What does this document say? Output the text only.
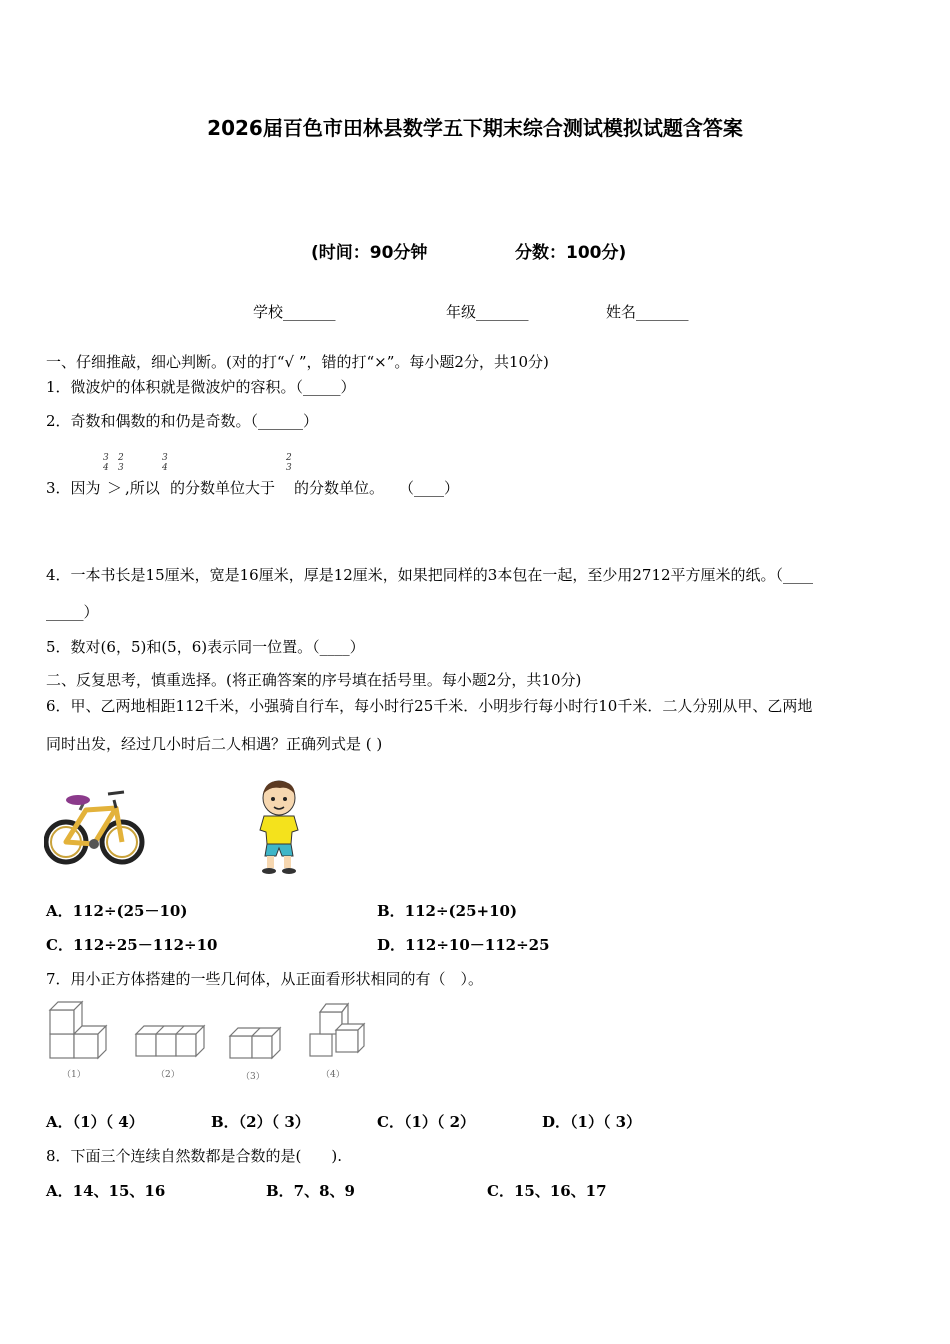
2026届百色市田林县数学五下期末综合测试模拟试题含答案
(时间：90分钟	分数：100分)
学校_______	年级_______	姓名_______
一、仔细推敲，细心判断。(对的打“√ ”，错的打“×”。每小题2分，共10分)
1．微波炉的体积就是微波炉的容积。（_____）
2．奇数和偶数的和仍是奇数。（______）
3．因为
3
4
2
3
＞ ,所以
3
4
的分数单位大于
2
3
的分数单位。　　（____）
4．一本书长是15厘米，宽是16厘米，厚是12厘米，如果把同样的3本包在一起，至少用2712平方厘米的纸。（____
_____）
5．数对(6，5)和(5，6)表示同一位置。（____）
二、反复思考，慎重选择。(将正确答案的序号填在括号里。每小题2分，共10分)
6．甲、乙两地相距112千米，小强骑自行车，每小时行25千米．小明步行每小时行10千米．二人分别从甲、乙两地
同时出发，经过几小时后二人相遇？正确列式是 ( )
A．112÷(25－10)	B．112÷(25+10)
C．112÷25－112÷10	D．112÷10－112÷25
7．用小正方体搭建的一些几何体，从正面看形状相同的有（　）。
（1）	（2）	（3）	（4）
A．（1）（ 4）	B．（2）（ 3）	C．（1）（ 2）	D．（1）（ 3）
8．下面三个连续自然数都是合数的是(　　).
A．14、15、16	B．7、8、9	C．15、16、17
